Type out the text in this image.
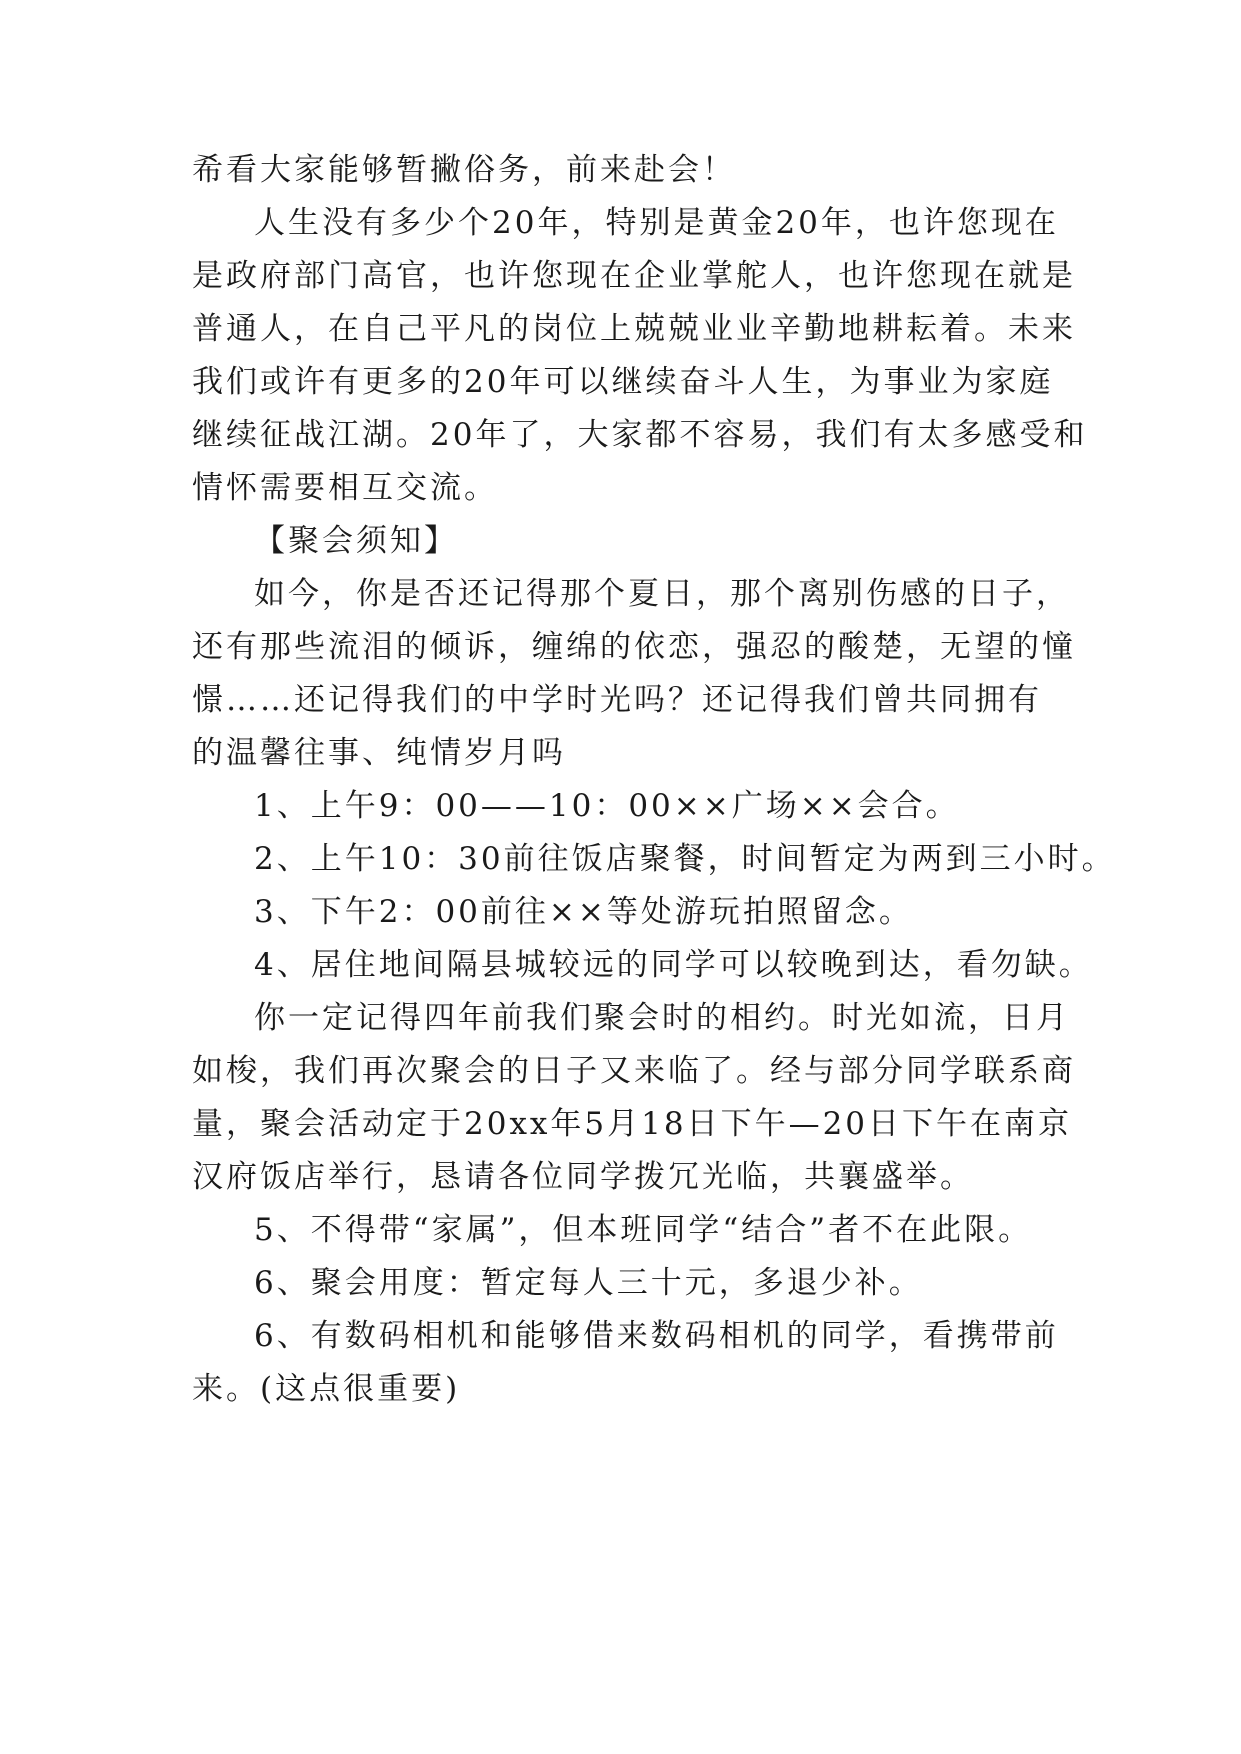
希看大家能够暂撇俗务，前来赴会！
人生没有多少个20年，特别是黄金20年，也许您现在
是政府部门高官，也许您现在企业掌舵人，也许您现在就是
普通人，在自己平凡的岗位上兢兢业业辛勤地耕耘着。未来
我们或许有更多的20年可以继续奋斗人生，为事业为家庭
继续征战江湖。20年了，大家都不容易，我们有太多感受和
情怀需要相互交流。
【聚会须知】
如今，你是否还记得那个夏日，那个离别伤感的日子，
还有那些流泪的倾诉，缠绵的依恋，强忍的酸楚，无望的憧
憬……还记得我们的中学时光吗？还记得我们曾共同拥有
的温馨往事、纯情岁月吗
1、上午9：00——10：00××广场××会合。
2、上午10：30前往饭店聚餐，时间暂定为两到三小时。
3、下午2：00前往××等处游玩拍照留念。
4、居住地间隔县城较远的同学可以较晚到达，看勿缺。
你一定记得四年前我们聚会时的相约。时光如流，日月
如梭，我们再次聚会的日子又来临了。经与部分同学联系商
量，聚会活动定于20xx年5月18日下午—20日下午在南京
汉府饭店举行，恳请各位同学拨冗光临，共襄盛举。
5、不得带“家属”，但本班同学“结合”者不在此限。
6、聚会用度：暂定每人三十元，多退少补。
6、有数码相机和能够借来数码相机的同学，看携带前
来。(这点很重要)
